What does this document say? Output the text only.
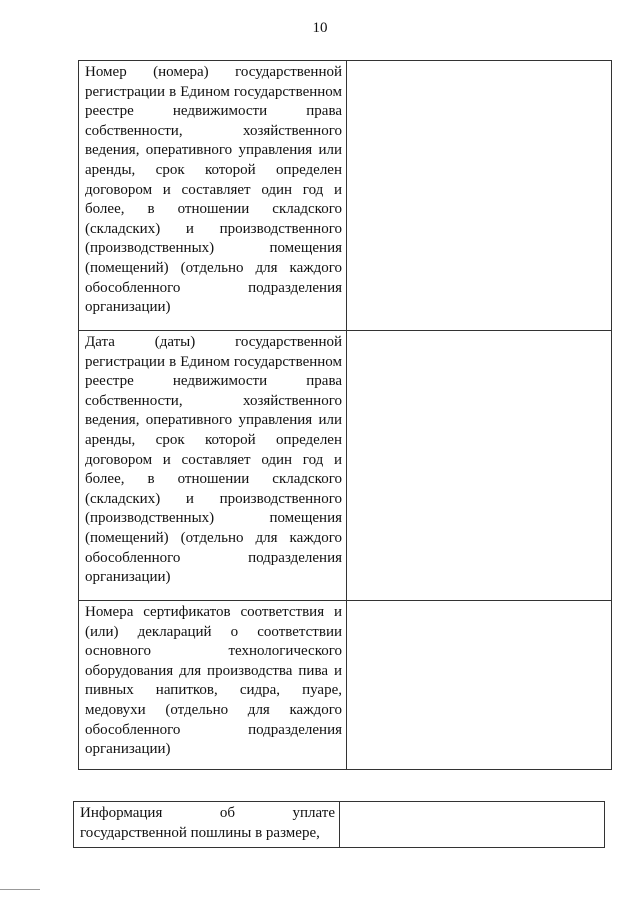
10
Номер (номера) государственной регистрации в Едином государственном реестре недвижимости права собственности, хозяйственного ведения, оперативного управления или аренды, срок которой определен договором и составляет один год и более, в отношении складского (складских) и производственного (производственных) помещения (помещений) (отдельно для каждого обособленного подразделения организации)	
Дата (даты) государственной регистрации в Едином государственном реестре недвижимости права собственности, хозяйственного ведения, оперативного управления или аренды, срок которой определен договором и составляет один год и более, в отношении складского (складских) и производственного (производственных) помещения (помещений) (отдельно для каждого обособленного подразделения организации)	
Номера сертификатов соответствия и (или) деклараций о соответствии основного технологического оборудования для производства пива и пивных напитков, сидра, пуаре, медовухи (отдельно для каждого обособленного подразделения организации)	
Информация об уплате государственной пошлины в размере,	
